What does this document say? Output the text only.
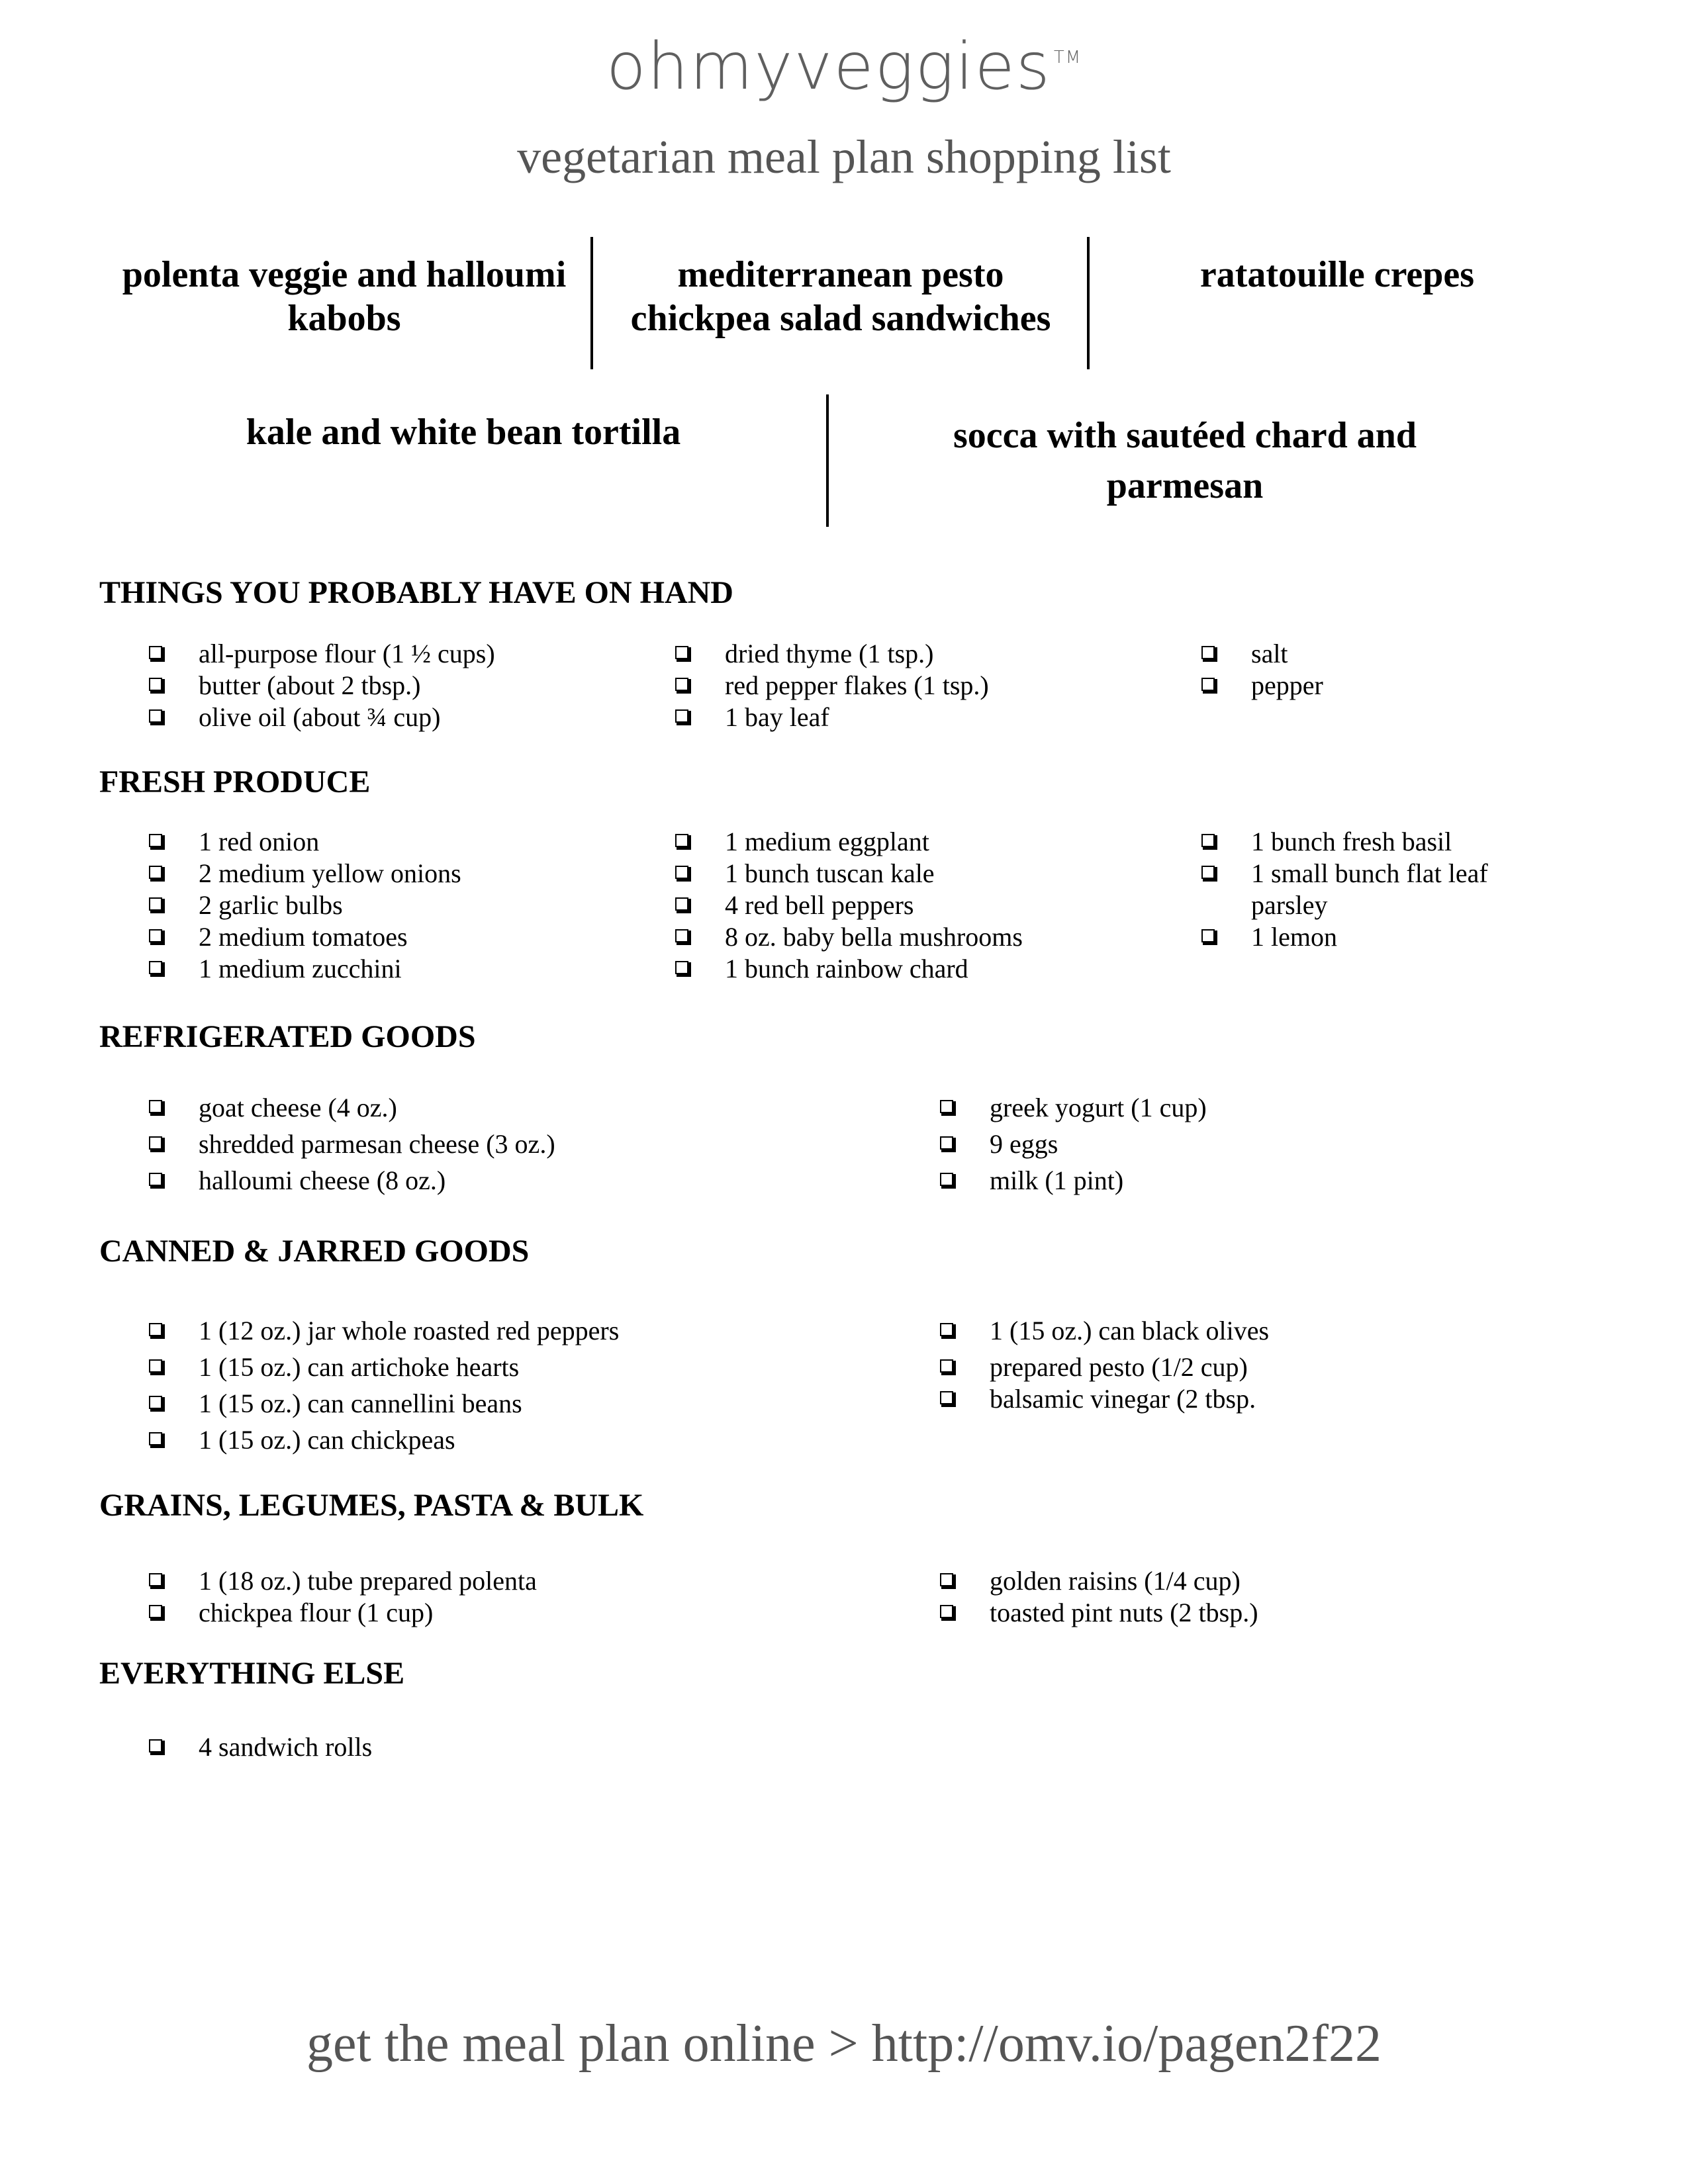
ohmyveggies ™
vegetarian meal plan shopping list
polenta veggie and halloumi kabobs
mediterranean pesto chickpea salad sandwiches
ratatouille crepes
kale and white bean tortilla	socca with sautéed chard and parmesan
THINGS YOU PROBABLY HAVE ON HAND
all-purpose flour (1 ½ cups)
butter (about 2 tbsp.)
olive oil (about ¾ cup)
dried thyme (1 tsp.)
red pepper flakes (1 tsp.)
1 bay leaf
salt
pepper
FRESH PRODUCE
1 red onion
2 medium yellow onions
2 garlic bulbs
2 medium tomatoes
1 medium zucchini
1 medium eggplant
1 bunch tuscan kale
4 red bell peppers
8 oz. baby bella mushrooms
1 bunch rainbow chard
1 bunch fresh basil
1 small bunch flat leaf parsley
1 lemon
REFRIGERATED GOODS
goat cheese (4 oz.)
shredded parmesan cheese (3 oz.)
halloumi cheese (8 oz.)
greek yogurt (1 cup)
9 eggs
milk (1 pint)
CANNED & JARRED GOODS
1 (12 oz.) jar whole roasted red peppers
1 (15 oz.) can artichoke hearts
1 (15 oz.) can cannellini beans
1 (15 oz.) can chickpeas
1 (15 oz.) can black olives
prepared pesto (1/2 cup)
balsamic vinegar (2 tbsp.
GRAINS, LEGUMES, PASTA & BULK
1 (18 oz.) tube prepared polenta
chickpea flour (1 cup)
golden raisins (1/4 cup)
toasted pint nuts (2 tbsp.)
EVERYTHING ELSE
4 sandwich rolls
get the meal plan online > http://omv.io/pagen2f22
